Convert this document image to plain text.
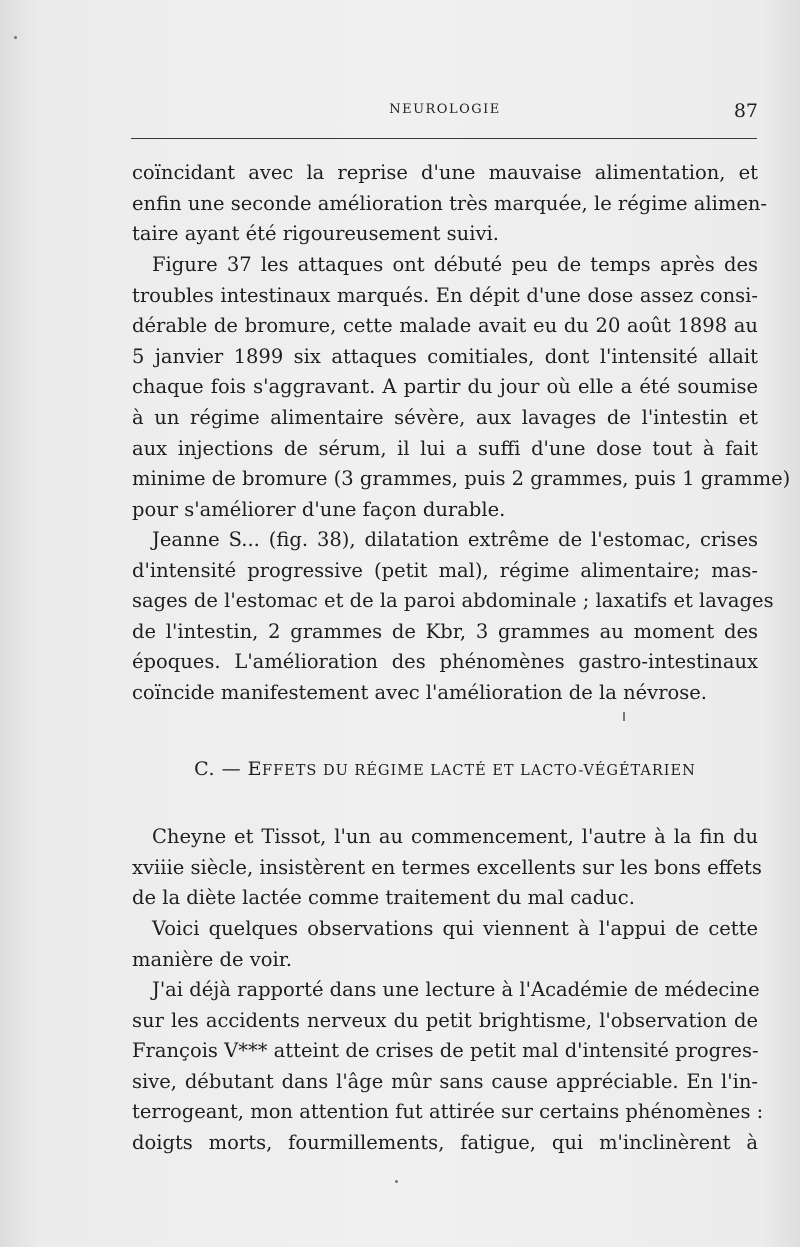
NEUROLOGIE	87

coïncidant avec la reprise d'une mauvaise alimentation, et
enfin une seconde amélioration très marquée, le régime alimen-
taire ayant été rigoureusement suivi.

Figure 37 les attaques ont débuté peu de temps après des
troubles intestinaux marqués. En dépit d'une dose assez consi-
dérable de bromure, cette malade avait eu du 20 août 1898 au
5 janvier 1899 six attaques comitiales, dont l'intensité allait
chaque fois s'aggravant. A partir du jour où elle a été soumise
à un régime alimentaire sévère, aux lavages de l'intestin et
aux injections de sérum, il lui a suffi d'une dose tout à fait
minime de bromure (3 grammes, puis 2 grammes, puis 1 gramme)
pour s'améliorer d'une façon durable.

Jeanne S... (fig. 38), dilatation extrême de l'estomac, crises
d'intensité progressive (petit mal), régime alimentaire; mas-
sages de l'estomac et de la paroi abdominale ; laxatifs et lavages
de l'intestin, 2 grammes de Kbr, 3 grammes au moment des
époques. L'amélioration des phénomènes gastro-intestinaux
coïncide manifestement avec l'amélioration de la névrose.

C. — EFFETS DU RÉGIME LACTÉ ET LACTO-VÉGÉTARIEN

Cheyne et Tissot, l'un au commencement, l'autre à la fin du
xviiie siècle, insistèrent en termes excellents sur les bons effets
de la diète lactée comme traitement du mal caduc.

Voici quelques observations qui viennent à l'appui de cette
manière de voir.

J'ai déjà rapporté dans une lecture à l'Académie de médecine
sur les accidents nerveux du petit brightisme, l'observation de
François V*** atteint de crises de petit mal d'intensité progres-
sive, débutant dans l'âge mûr sans cause appréciable. En l'in-
terrogeant, mon attention fut attirée sur certains phénomènes :
doigts morts, fourmillements, fatigue, qui m'inclinèrent à
